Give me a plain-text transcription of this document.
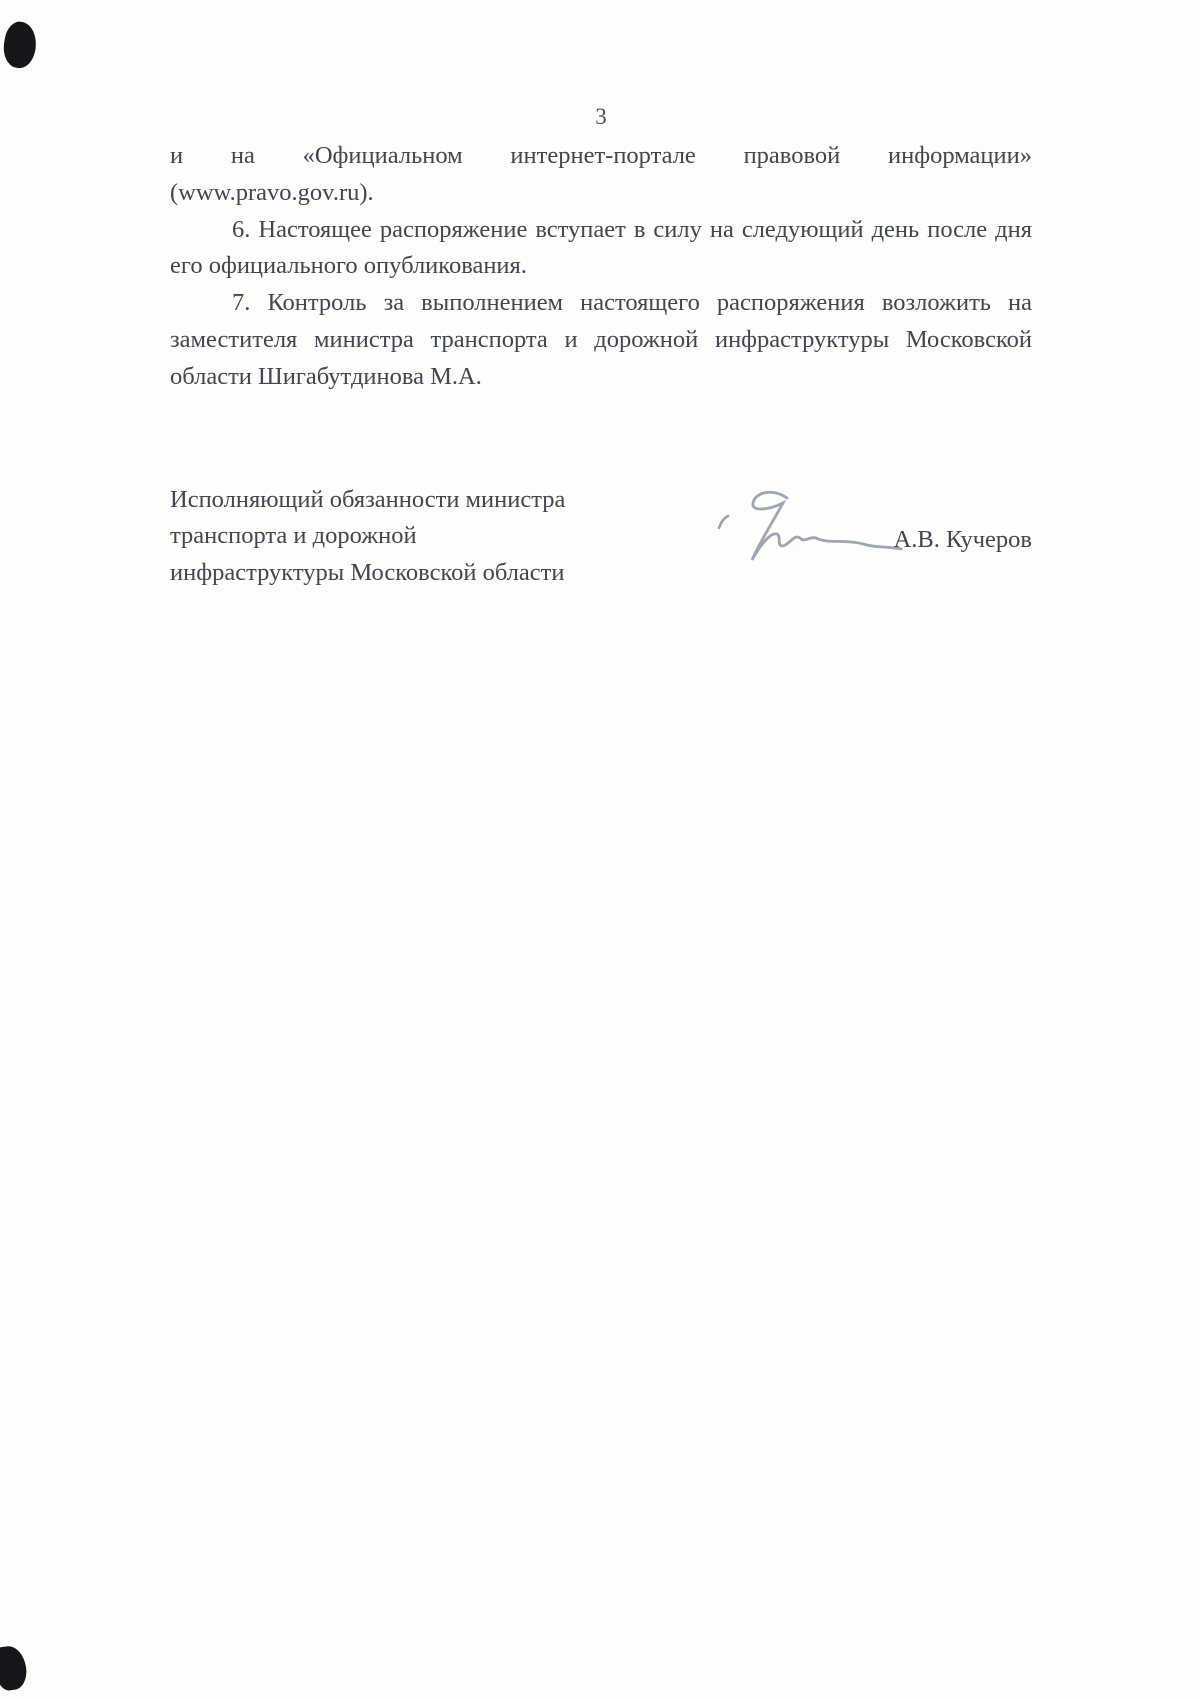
3

и на «Официальном интернет-портале правовой информации» (www.pravo.gov.ru).

6. Настоящее распоряжение вступает в силу на следующий день после дня его официального опубликования.

7. Контроль за выполнением настоящего распоряжения возложить на заместителя министра транспорта и дорожной инфраструктуры Московской области Шигабутдинова М.А.

Исполняющий обязанности министра
транспорта и дорожной
инфраструктуры Московской области
А.В. Кучеров
